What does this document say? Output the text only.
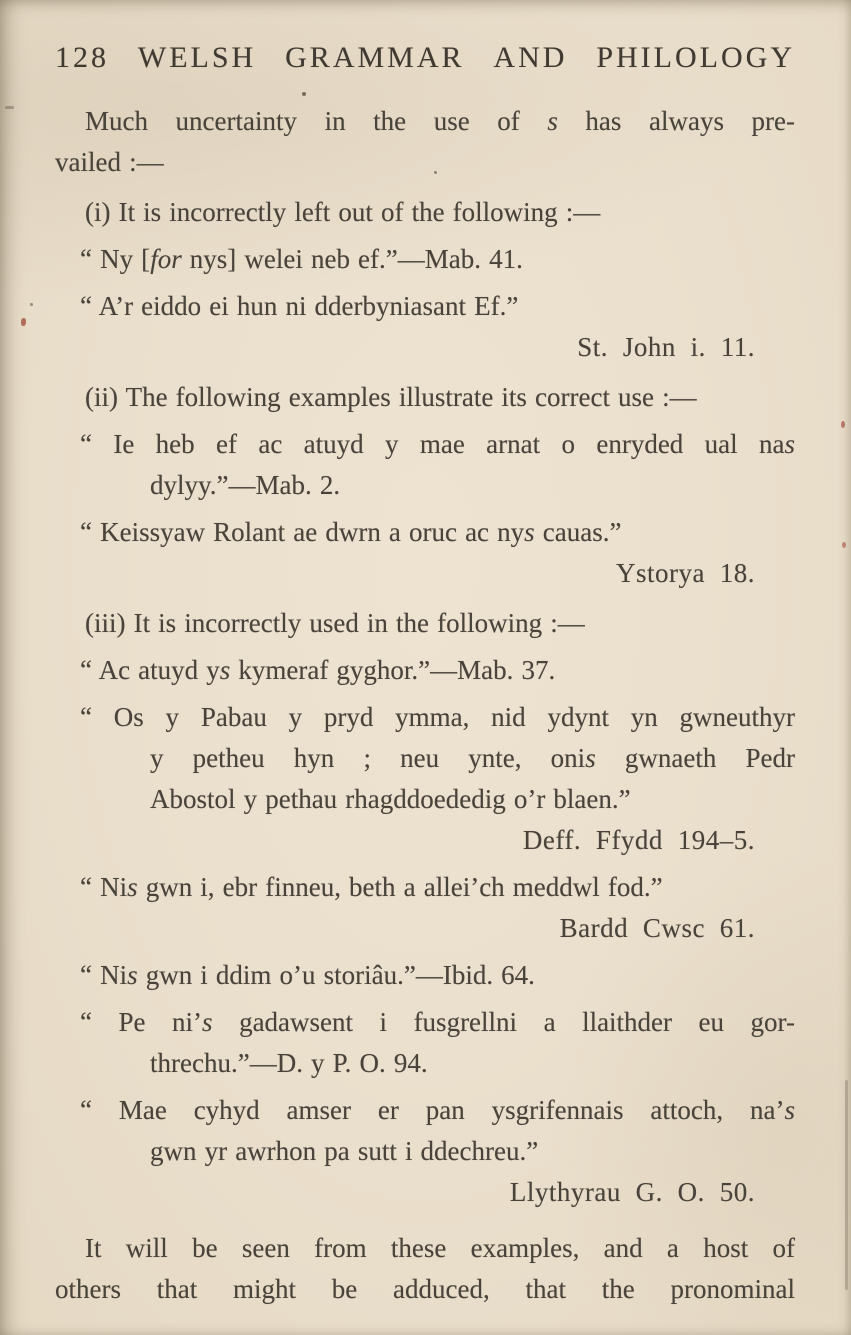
128 WELSH GRAMMAR AND PHILOLOGY
Much uncertainty in the use of s has always pre-
vailed :—
(i) It is incorrectly left out of the following :—
“ Ny [for nys] welei neb ef.”—Mab. 41.
“ A’r eiddo ei hun ni dderbyniasant Ef.”
St. John i. 11.
(ii) The following examples illustrate its correct use :—
“ Ie heb ef ac atuyd y mae arnat o enryded ual nas
dylyy.”—Mab. 2.
“ Keissyaw Rolant ae dwrn a oruc ac nys cauas.”
Ystorya 18.
(iii) It is incorrectly used in the following :—
“ Ac atuyd ys kymeraf gyghor.”—Mab. 37.
“ Os y Pabau y pryd ymma, nid ydynt yn gwneuthyr
y petheu hyn ; neu ynte, onis gwnaeth Pedr
Abostol y pethau rhagddoededig o’r blaen.”
Deff. Ffydd 194–5.
“ Nis gwn i, ebr finneu, beth a allei’ch meddwl fod.”
Bardd Cwsc 61.
“ Nis gwn i ddim o’u storiâu.”—Ibid. 64.
“ Pe ni’s gadawsent i fusgrellni a llaithder eu gor-
threchu.”—D. y P. O. 94.
“ Mae cyhyd amser er pan ysgrifennais attoch, na’s
gwn yr awrhon pa sutt i ddechreu.”
Llythyrau G. O. 50.
It will be seen from these examples, and a host of
others that might be adduced, that the pronominal
